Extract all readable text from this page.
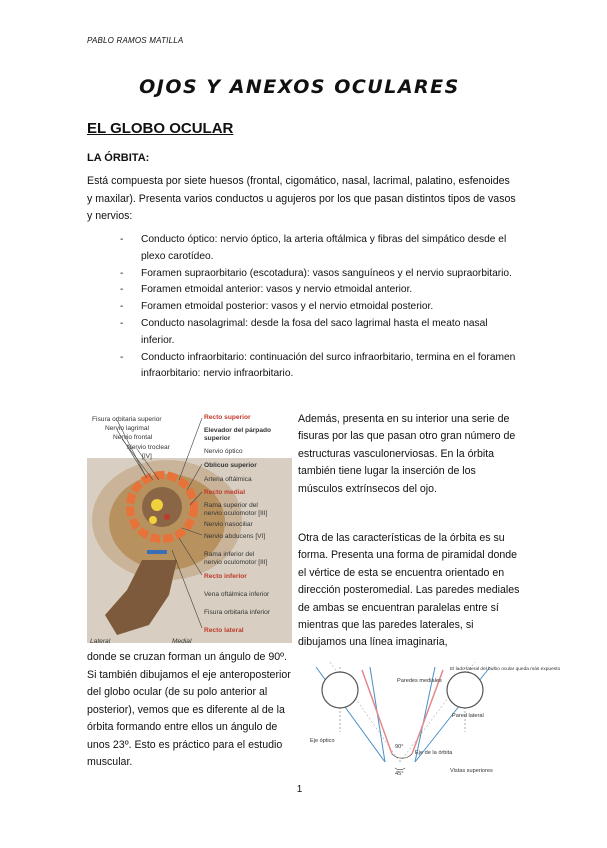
PABLO RAMOS MATILLA
OJOS Y ANEXOS OCULARES
EL GLOBO OCULAR
LA ÓRBITA:
Está compuesta por siete huesos (frontal, cigomático, nasal, lacrimal, palatino, esfenoides y maxilar). Presenta varios conductos u agujeros por los que pasan distintos tipos de vasos y nervios:
- Conducto óptico: nervio óptico, la arteria oftálmica y fibras del simpático desde el plexo carotídeo.
- Foramen supraorbitario (escotadura): vasos sanguíneos y el nervio supraorbitario.
- Foramen etmoidal anterior: vasos y nervio etmoidal anterior.
- Foramen etmoidal posterior: vasos y el nervio etmoidal posterior.
- Conducto nasolagrimal: desde la fosa del saco lagrimal hasta el meato nasal inferior.
- Conducto infraorbitario: continuación del surco infraorbitario, termina en el foramen infraorbitario: nervio infraorbitario.
Fisura orbitaria superior
Nervio lagrimal
Nervio frontal
Nervio troclear
[IV]
Recto superior
Elevador del párpado
superior
Nervio óptico
Oblicuo superior
Arteria oftálmica
Recto medial
Rama superior del
nervio oculomotor [III]
Nervio nasociliar
Nervio abducens [VI]
Rama inferior del
nervio oculomotor [III]
Recto inferior
Vena oftálmica inferior
Fisura orbitaria inferior
Recto lateral
Lateral	Medial
Además, presenta en su interior una serie de fisuras por las que pasan otro gran número de estructuras vasculonerviosas. En la órbita también tiene lugar la inserción de los músculos extrínsecos del ojo.
Otra de las características de la órbita es su forma. Presenta una forma de piramidal donde el vértice de esta se encuentra orientado en dirección posteromedial. Las paredes mediales de ambas se encuentran paralelas entre sí mientras que las paredes laterales, si dibujamos una línea imaginaria,
donde se cruzan forman un ángulo de 90º.
Si también dibujamos el eje anteroposterior del globo ocular (de su polo anterior al posterior), vemos que es diferente al de la órbita formando entre ellos un ángulo de unos 23º. Esto es práctico para el estudio muscular.
Paredes mediales
El lado lateral del bulbo ocular queda más expuesto
Pared lateral
Eje óptico
Eje de la órbita
90°
45°	Vistas superiores
1
